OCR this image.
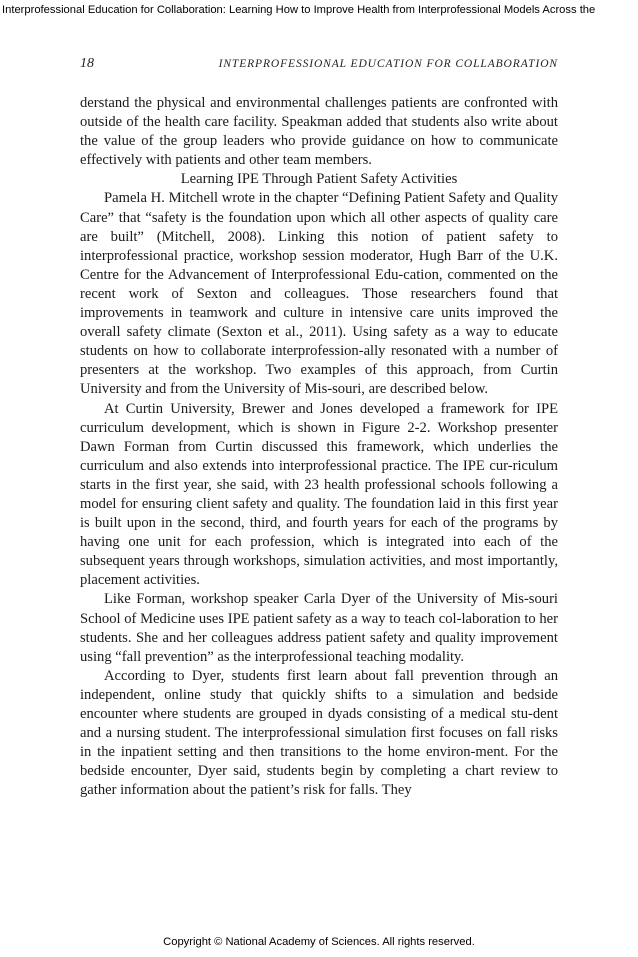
Interprofessional Education for Collaboration: Learning How to Improve Health from Interprofessional Models Across the
18	INTERPROFESSIONAL EDUCATION FOR COLLABORATION

derstand the physical and environmental challenges patients are confronted with outside of the health care facility. Speakman added that students also write about the value of the group leaders who provide guidance on how to communicate effectively with patients and other team members.

Learning IPE Through Patient Safety Activities

Pamela H. Mitchell wrote in the chapter “Defining Patient Safety and Quality Care” that “safety is the foundation upon which all other aspects of quality care are built” (Mitchell, 2008). Linking this notion of patient safety to interprofessional practice, workshop session moderator, Hugh Barr of the U.K. Centre for the Advancement of Interprofessional Edu-cation, commented on the recent work of Sexton and colleagues. Those researchers found that improvements in teamwork and culture in intensive care units improved the overall safety climate (Sexton et al., 2011). Using safety as a way to educate students on how to collaborate interprofession-ally resonated with a number of presenters at the workshop. Two examples of this approach, from Curtin University and from the University of Mis-souri, are described below.

At Curtin University, Brewer and Jones developed a framework for IPE curriculum development, which is shown in Figure 2-2. Workshop presenter Dawn Forman from Curtin discussed this framework, which underlies the curriculum and also extends into interprofessional practice. The IPE cur-riculum starts in the first year, she said, with 23 health professional schools following a model for ensuring client safety and quality. The foundation laid in this first year is built upon in the second, third, and fourth years for each of the programs by having one unit for each profession, which is integrated into each of the subsequent years through workshops, simulation activities, and most importantly, placement activities.

Like Forman, workshop speaker Carla Dyer of the University of Mis-souri School of Medicine uses IPE patient safety as a way to teach col-laboration to her students. She and her colleagues address patient safety and quality improvement using “fall prevention” as the interprofessional teaching modality.

According to Dyer, students first learn about fall prevention through an independent, online study that quickly shifts to a simulation and bedside encounter where students are grouped in dyads consisting of a medical stu-dent and a nursing student. The interprofessional simulation first focuses on fall risks in the inpatient setting and then transitions to the home environ-ment. For the bedside encounter, Dyer said, students begin by completing a chart review to gather information about the patient’s risk for falls. They

Copyright © National Academy of Sciences. All rights reserved.
